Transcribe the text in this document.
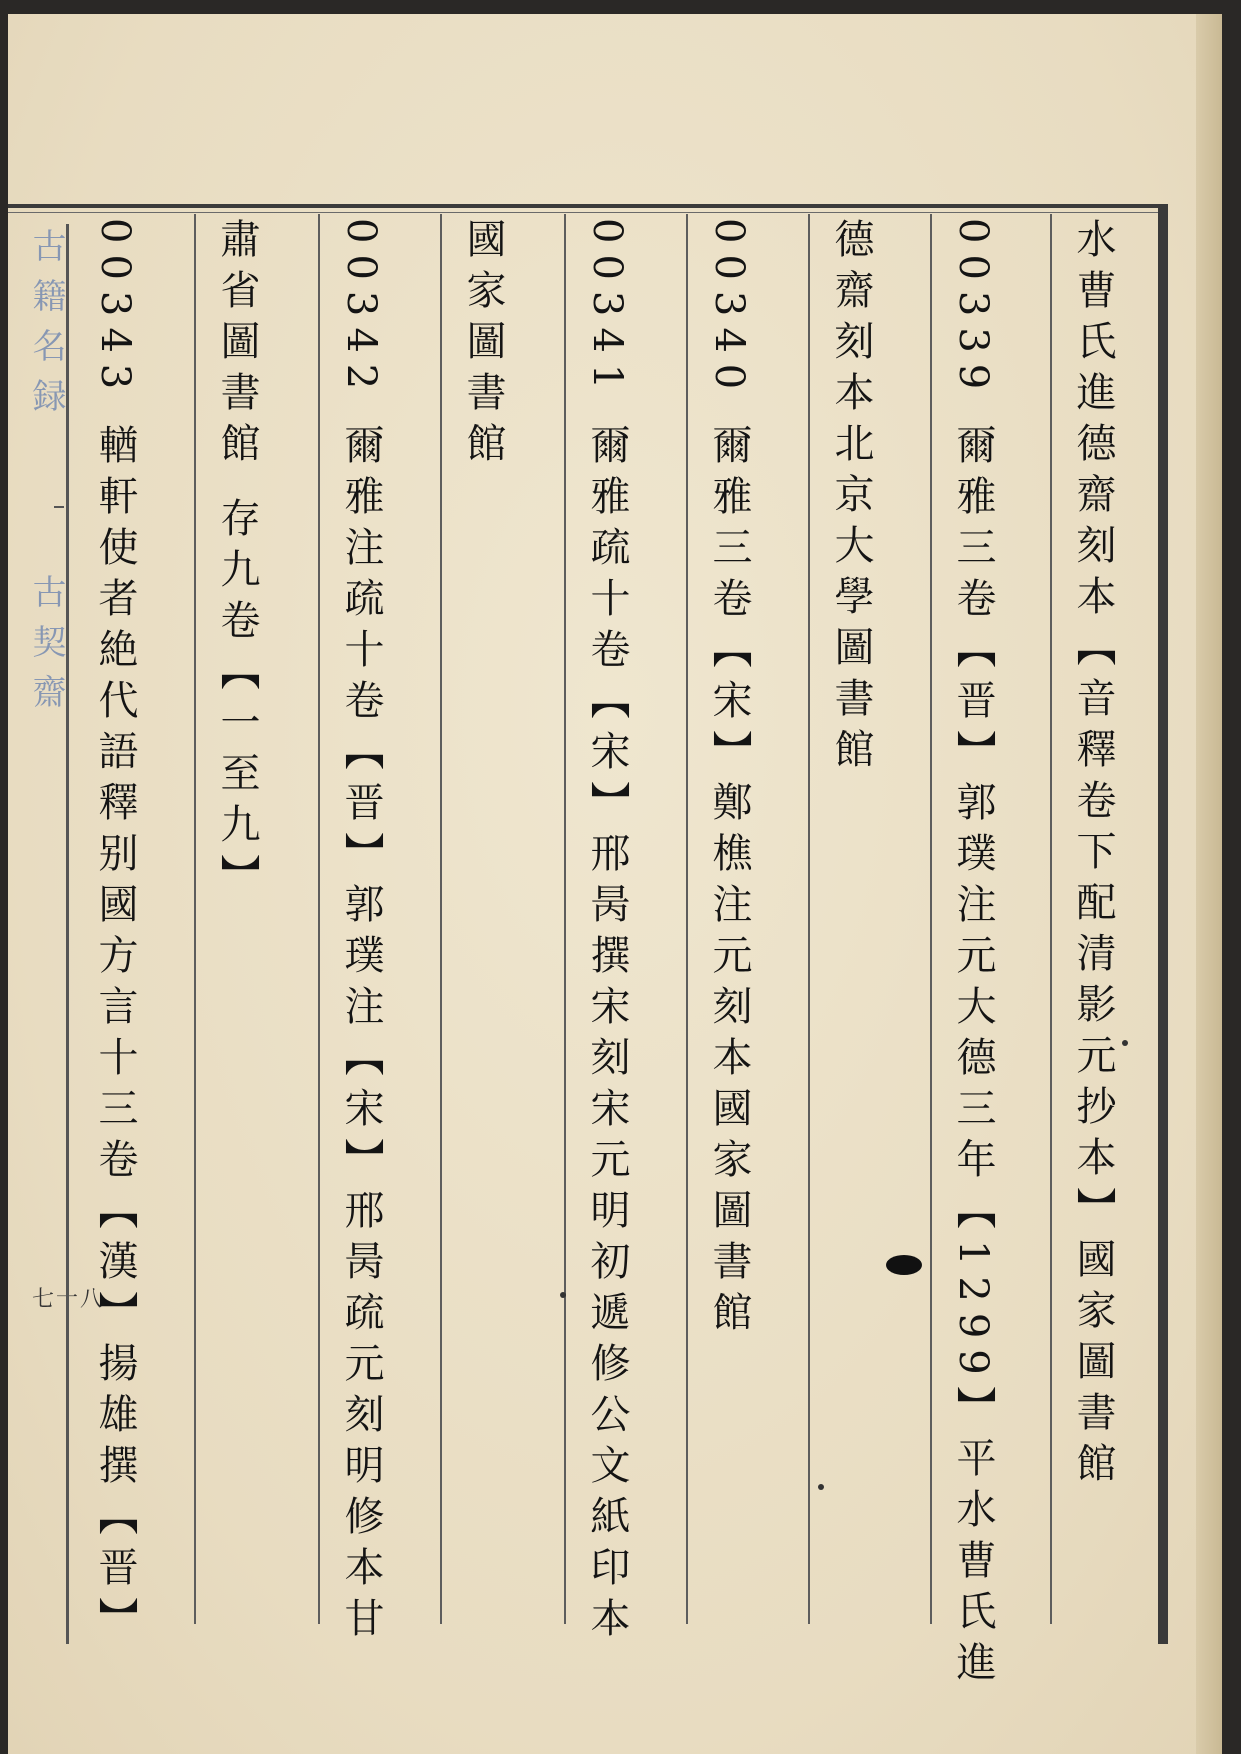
古籍名録
古契齋
七十八	水曹氏進德齋刻本【音釋卷下配清影元抄本】國家圖書館
00339 爾雅三卷【晋】郭璞注元大德三年【1299】平水曹氏進
德齋刻本北京大學圖書館
00340 爾雅三卷【宋】鄭樵注元刻本國家圖書館
00341 爾雅疏十卷【宋】邢昺撰宋刻宋元明初遞修公文紙印本
國家圖書館
00342 爾雅注疏十卷【晋】郭璞注【宋】邢昺疏元刻明修本甘
肅省圖書館 存九卷【一至九】
00343 輶軒使者絶代語釋别國方言十三卷【漢】揚雄撰【晋】
